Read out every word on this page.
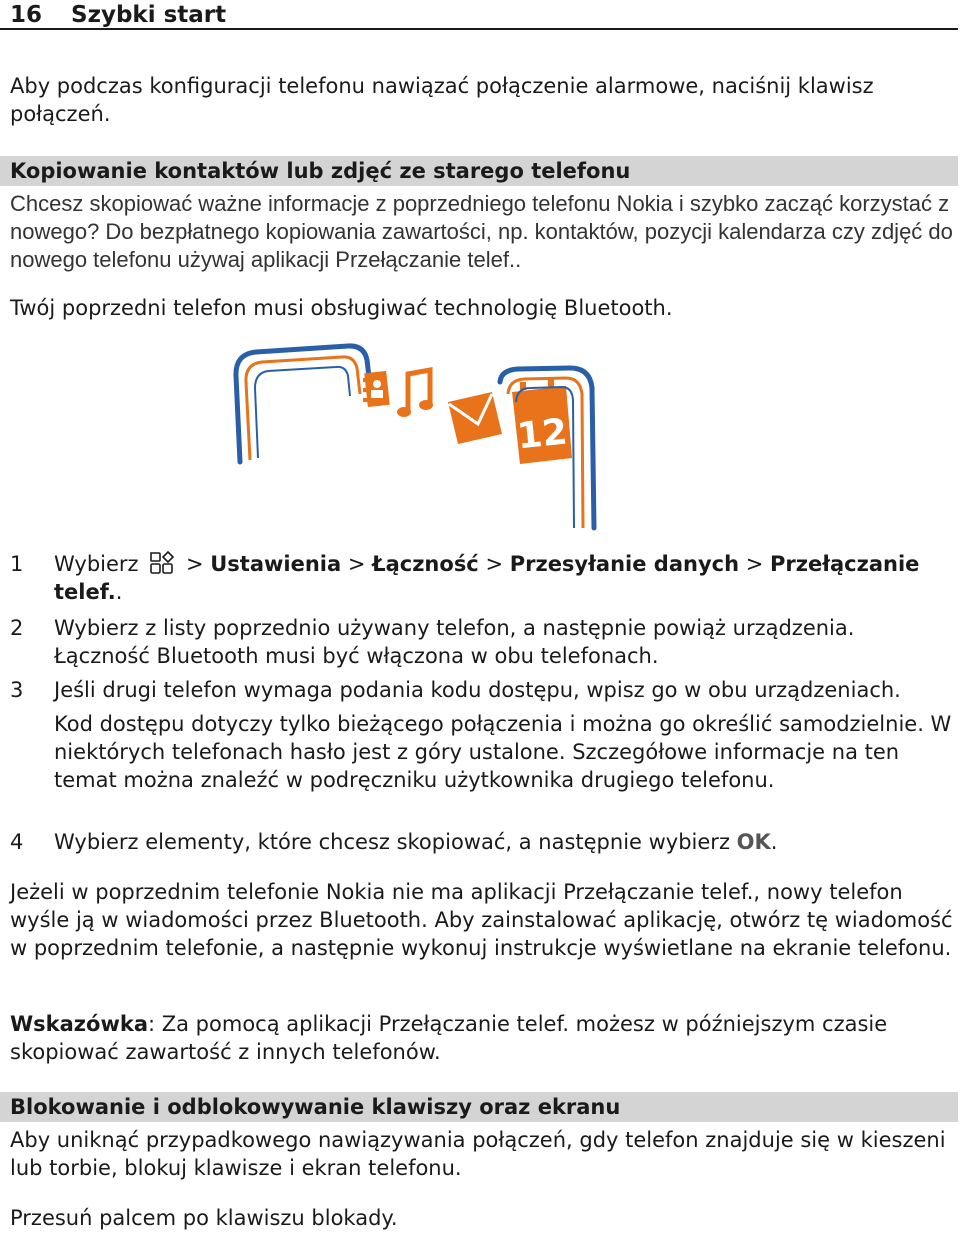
16 Szybki start

Aby podczas konfiguracji telefonu nawiązać połączenie alarmowe, naciśnij klawisz połączeń.

Kopiowanie kontaktów lub zdjęć ze starego telefonu

Chcesz skopiować ważne informacje z poprzedniego telefonu Nokia i szybko zacząć korzystać z nowego? Do bezpłatnego kopiowania zawartości, np. kontaktów, pozycji kalendarza czy zdjęć do nowego telefonu używaj aplikacji Przełączanie telef..

Twój poprzedni telefon musi obsługiwać technologię Bluetooth.

12
1	Wybierz  > Ustawienia > Łączność > Przesyłanie danych > Przełączanie telef..
2	Wybierz z listy poprzednio używany telefon, a następnie powiąż urządzenia. Łączność Bluetooth musi być włączona w obu telefonach.
3	Jeśli drugi telefon wymaga podania kodu dostępu, wpisz go w obu urządzeniach.
Kod dostępu dotyczy tylko bieżącego połączenia i można go określić samodzielnie. W niektórych telefonach hasło jest z góry ustalone. Szczegółowe informacje na ten temat można znaleźć w podręczniku użytkownika drugiego telefonu.
4	Wybierz elementy, które chcesz skopiować, a następnie wybierz OK.

Jeżeli w poprzednim telefonie Nokia nie ma aplikacji Przełączanie telef., nowy telefon wyśle ją w wiadomości przez Bluetooth. Aby zainstalować aplikację, otwórz tę wiadomość w poprzednim telefonie, a następnie wykonuj instrukcje wyświetlane na ekranie telefonu.

Wskazówka: Za pomocą aplikacji Przełączanie telef. możesz w późniejszym czasie skopiować zawartość z innych telefonów.

Blokowanie i odblokowywanie klawiszy oraz ekranu

Aby uniknąć przypadkowego nawiązywania połączeń, gdy telefon znajduje się w kieszeni lub torbie, blokuj klawisze i ekran telefonu.

Przesuń palcem po klawiszu blokady.
